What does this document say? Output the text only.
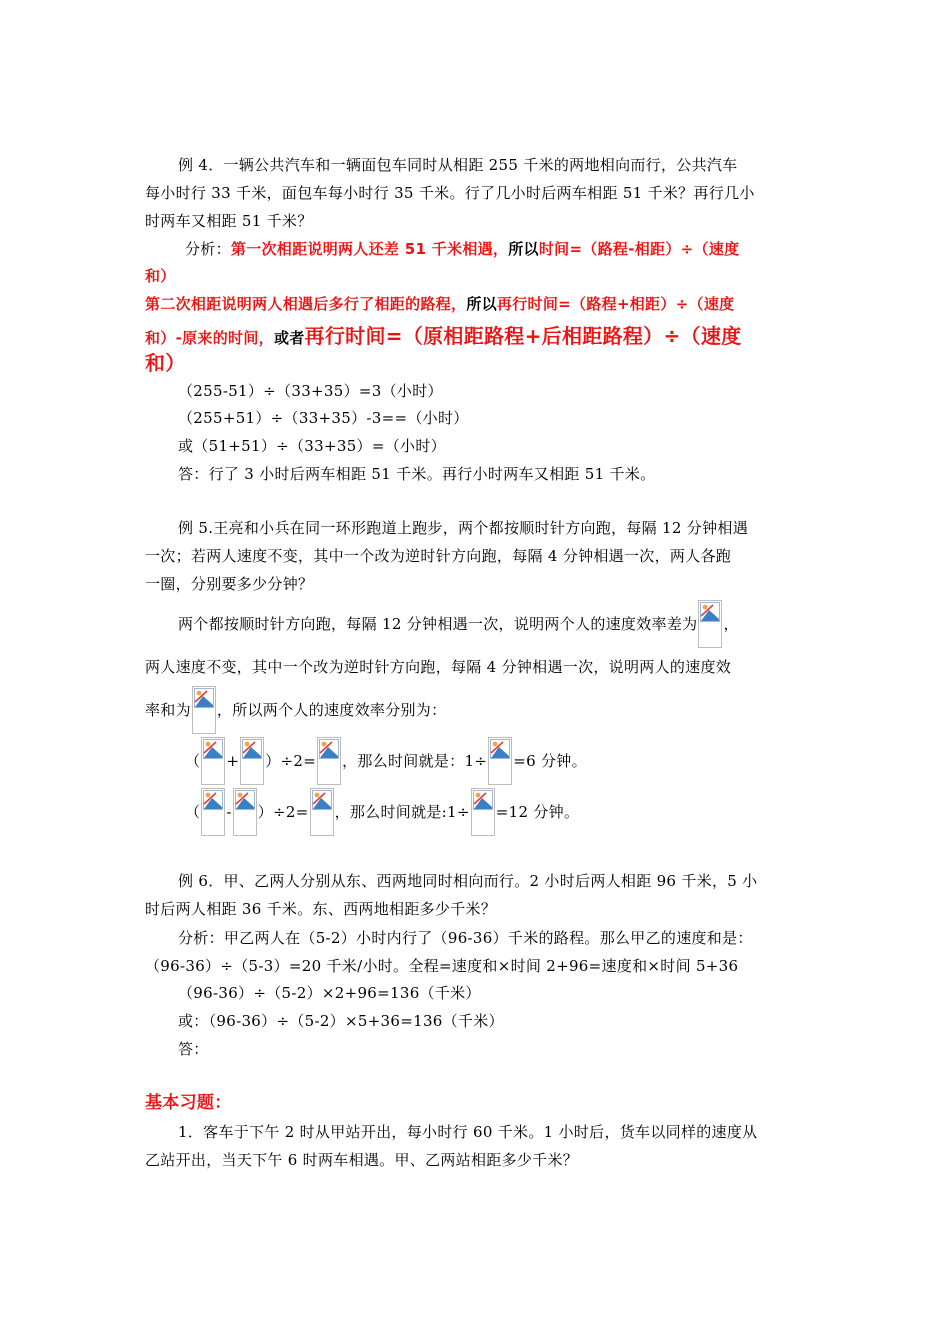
例 4．一辆公共汽车和一辆面包车同时从相距 255 千米的两地相向而行，公共汽车
每小时行 33 千米，面包车每小时行 35 千米。行了几小时后两车相距 51 千米？再行几小
时两车又相距 51 千米？
分析：第一次相距说明两人还差 51 千米相遇，所以时间=（路程-相距）÷（速度
和）
第二次相距说明两人相遇后多行了相距的路程，所以再行时间=（路程+相距）÷（速度
和）-原来的时间，或者再行时间=（原相距路程+后相距路程）÷（速度
和）
（255-51）÷（33+35）=3（小时）
（255+51）÷（33+35）-3==（小时）
或（51+51）÷（33+35）=（小时）
答：行了 3 小时后两车相距 51 千米。再行小时两车又相距 51 千米。
例 5.王亮和小兵在同一环形跑道上跑步，两个都按顺时针方向跑，每隔 12 分钟相遇
一次；若两人速度不变，其中一个改为逆时针方向跑，每隔 4 分钟相遇一次，两人各跑
一圈，分别要多少分钟？
两个都按顺时针方向跑，每隔 12 分钟相遇一次，说明两个人的速度效率差为 ，
两人速度不变，其中一个改为逆时针方向跑，每隔 4 分钟相遇一次，说明两人的速度效
率和为 ，所以两个人的速度效率分别为：
（ + ）÷2= ，那么时间就是：1÷ =6 分钟。
（ - ）÷2= ，那么时间就是:1÷ =12 分钟。
例 6．甲、乙两人分别从东、西两地同时相向而行。2 小时后两人相距 96 千米，5 小
时后两人相距 36 千米。东、西两地相距多少千米？
分析：甲乙两人在（5-2）小时内行了（96-36）千米的路程。那么甲乙的速度和是：
（96-36）÷（5-3）=20 千米/小时。全程=速度和×时间 2+96=速度和×时间 5+36
（96-36）÷（5-2）×2+96=136（千米）
或：（96-36）÷（5-2）×5+36=136（千米）
答：
基本习题：
1．客车于下午 2 时从甲站开出，每小时行 60 千米。1 小时后，货车以同样的速度从
乙站开出，当天下午 6 时两车相遇。甲、乙两站相距多少千米？
